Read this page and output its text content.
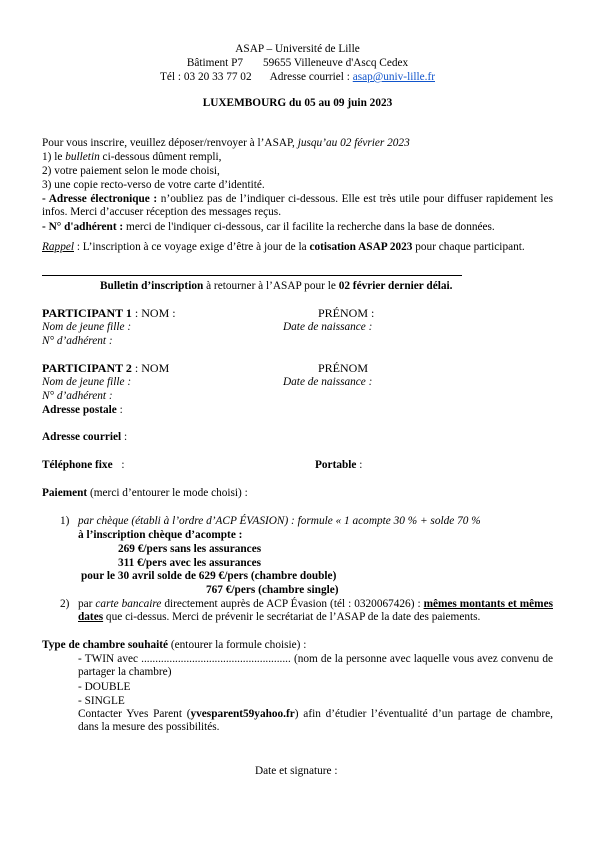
ASAP – Université de Lille
Bâtiment P7 59655 Villeneuve d'Ascq Cedex
Tél : 03 20 33 77 02 Adresse courriel : asap@univ-lille.fr
LUXEMBOURG du 05 au 09 juin 2023
Pour vous inscrire, veuillez déposer/renvoyer à l’ASAP, jusqu’au 02 février 2023
1) le bulletin ci-dessous dûment rempli,
2) votre paiement selon le mode choisi,
3) une copie recto-verso de votre carte d’identité.
- Adresse électronique : n’oubliez pas de l’indiquer ci-dessous. Elle est très utile pour diffuser rapidement les infos. Merci d’accuser réception des messages reçus.
- N° d'adhérent : merci de l'indiquer ci-dessous, car il facilite la recherche dans la base de données.
Rappel : L’inscription à ce voyage exige d’être à jour de la cotisation ASAP 2023 pour chaque participant.
Bulletin d’inscription à retourner à l’ASAP pour le 02 février dernier délai.
PARTICIPANT 1 : NOM :	PRÉNOM :
Nom de jeune fille :	Date de naissance :
N° d’adhérent :
PARTICIPANT 2 : NOM	PRÉNOM
Nom de jeune fille :	Date de naissance :
N° d’adhérent :
Adresse postale :
Adresse courriel :
Téléphone fixe :	Portable :
Paiement (merci d’entourer le mode choisi) :
1) par chèque (établi à l’ordre d’ACP ÉVASION) : formule « 1 acompte 30 % + solde 70 %
à l’inscription chèque d’acompte :
269 €/pers sans les assurances
311 €/pers avec les assurances
pour le 30 avril solde de 629 €/pers (chambre double)
767 €/pers (chambre single)
2) par carte bancaire directement auprès de ACP Évasion (tél : 0320067426) : mêmes montants et mêmes dates que ci-dessus. Merci de prévenir le secrétariat de l’ASAP de la date des paiements.
Type de chambre souhaité (entourer la formule choisie) :
- TWIN avec ..................................................... (nom de la personne avec laquelle vous avez convenu de partager la chambre)
- DOUBLE
- SINGLE
Contacter Yves Parent (yvesparent59yahoo.fr) afin d’étudier l’éventualité d’un partage de chambre, dans la mesure des possibilités.
Date et signature :
